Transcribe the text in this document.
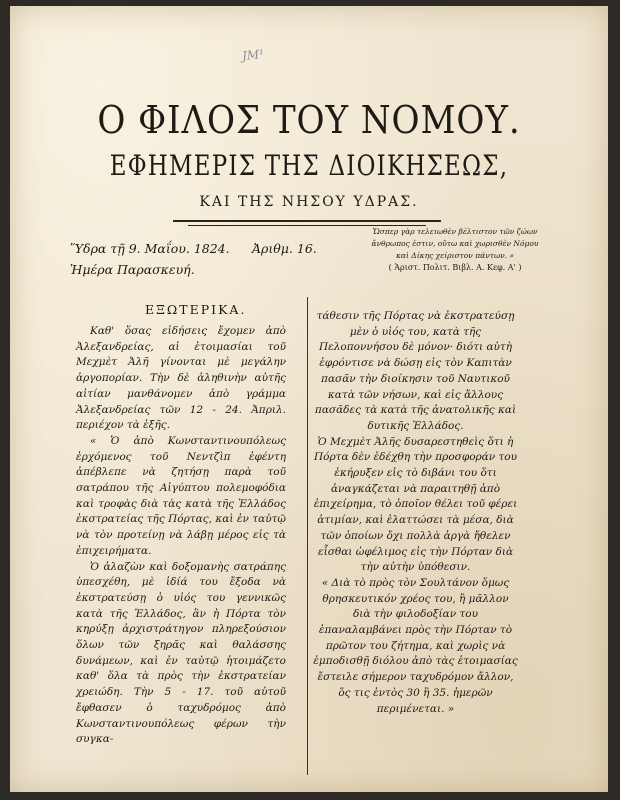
JM¹
Ο ΦΙΛΟΣ ΤΟΥ ΝΟΜΟΥ.
ΕΦΗΜΕΡΙΣ ΤΗΣ ΔΙΟΙΚΗΣΕΩΣ,
ΚΑΙ ΤΗΣ ΝΗΣΟΥ ΥΔΡΑΣ.
Ὕδρα τῇ 9. Μαΐου. 1824. Ἀριθμ. 16.
Ἡμέρα Παρασκευή.
Ὥσπερ γὰρ τελειωθὲν βέλτιστον τῶν ζώων
ἄνθρωπος ἐστιν, οὕτω καὶ χωρισθὲν Νόμου
καὶ Δίκης χείριστον πάντων. »
( Ἀριστ. Πολιτ. Βιβλ. Α. Κεφ. Α' )
ΕΞΩΤΕΡΙΚΑ.

Καθ' ὅσας εἰδήσεις ἔχομεν ἀπὸ Ἀλεξανδρείας, αἱ ἑτοιμασίαι τοῦ Μεχμὲτ Ἀλῆ γίνονται μὲ μεγάλην ἀργοπορίαν. Τὴν δὲ ἀληθινὴν αὐτῆς αἰτίαν μανθάνομεν ἀπὸ γράμμα Ἀλεξανδρείας τῶν 12 - 24. Ἀπριλ. περιέχον τὰ ἑξῆς.

« Ὁ ἀπὸ Κωνσταντινουπόλεως ἐρχόμενος τοῦ Νεντζὶπ ἐφέντη ἀπέβλεπε νὰ ζητήσῃ παρὰ τοῦ σατράπου τῆς Αἰγύπτου πολεμοφόδια καὶ τροφὰς διὰ τὰς κατὰ τῆς Ἑλλάδος ἐκστρατείας τῆς Πόρτας, καὶ ἐν ταὐτῷ νὰ τὸν προτείνῃ νὰ λάβῃ μέρος εἰς τὰ ἐπιχειρήματα.

Ὁ ἀλαζὼν καὶ δοξομανὴς σατράπης ὑπεσχέθη, μὲ ἰδίά του ἔξοδα νὰ ἐκστρατεύσῃ ὁ υἱός του γεννικῶς κατὰ τῆς Ἑλλάδος, ἂν ἡ Πόρτα τὸν κηρύξῃ ἀρχιστράτηγον πληρεξούσιον ὅλων τῶν ξηρᾶς καὶ θαλάσσης δυνάμεων, καὶ ἐν ταὐτῷ ἡτοιμάζετο καθ' ὅλα τὰ πρὸς τὴν ἐκστρατείαν χρειώδη. Τὴν 5 - 17. τοῦ αὐτοῦ ἔφθασεν ὁ ταχυδρόμος ἀπὸ Κωνσταντινουπόλεως φέρων τὴν συγκα-

τάθεσιν τῆς Πόρτας νὰ ἐκστρατεύσῃ μὲν ὁ υἱός του, κατὰ τῆς Πελοποννήσου δὲ μόνον· διότι αὐτὴ ἐφρόντισε νὰ δώσῃ εἰς τὸν Καπιτὰν πασᾶν τὴν διοίκησιν τοῦ Ναυτικοῦ κατὰ τῶν νήσων, καὶ εἰς ἄλλους πασᾶδες τὰ κατὰ τῆς ἀνατολικῆς καὶ δυτικῆς Ἑλλάδος.

Ὁ Μεχμὲτ Ἀλῆς δυσαρεστηθεὶς ὅτι ἡ Πόρτα δὲν ἐδέχθη τὴν προσφοράν του ἐκήρυξεν εἰς τὸ διβάνι του ὅτι ἀναγκάζεται νὰ παραιτηθῇ ἀπὸ ἐπιχείρημα, τὸ ὁποῖον θέλει τοῦ φέρει ἀτιμίαν, καὶ ἐλαττώσει τὰ μέσα, διὰ τῶν ὁποίων ὄχι πολλὰ ἀργὰ ἤθελεν εἶσθαι ὠφέλιμος εἰς τὴν Πόρταν διὰ τὴν αὐτὴν ὑπόθεσιν.

« Διὰ τὸ πρὸς τὸν Σουλτάνον ὅμως θρησκευτικόν χρέος του, ἢ μᾶλλον διὰ τὴν φιλοδοξίαν του ἐπαναλαμβάνει πρὸς τὴν Πόρταν τὸ πρῶτον του ζήτημα, καὶ χωρὶς νὰ ἐμποδισθῇ διόλου ἀπὸ τὰς ἑτοιμασίας ἔστειλε σήμερον ταχυδρόμον ἄλλον, ὅς τις ἐντὸς 30 ἢ 35. ἡμερῶν περιμένεται. »
